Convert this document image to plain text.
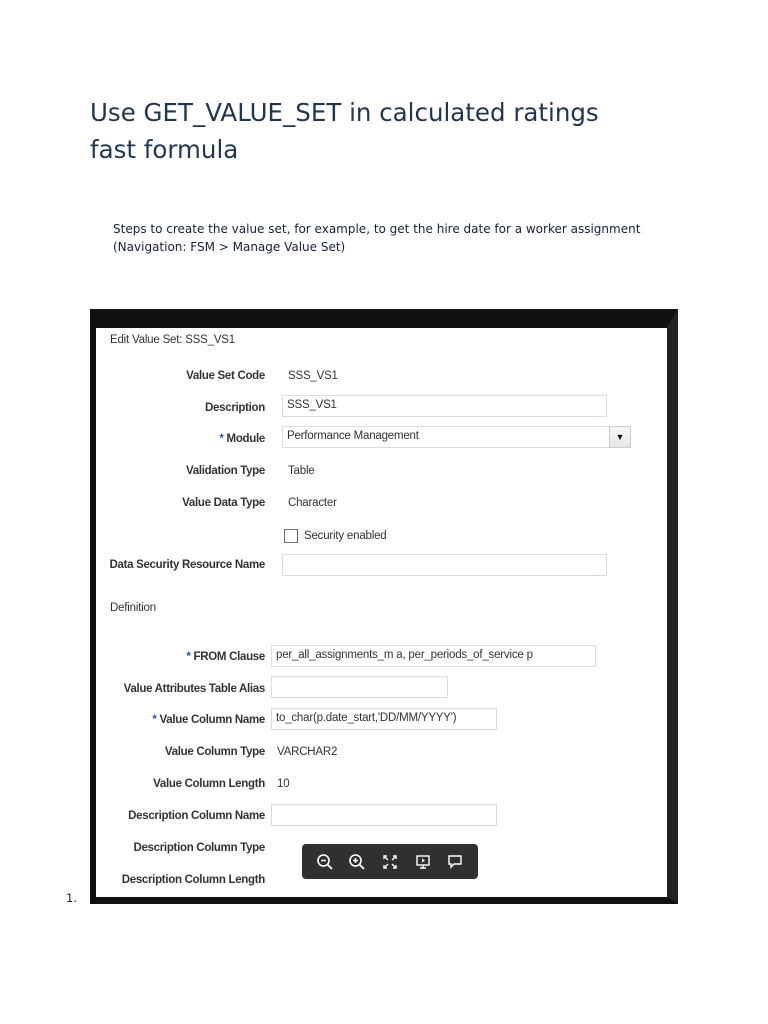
Use GET_VALUE_SET in calculated ratings fast formula
Steps to create the value set, for example, to get the hire date for a worker assignment
(Navigation: FSM > Manage Value Set)
1.
Edit Value Set: SSS_VS1
Value Set Code SSS_VS1
Description	SSS_VS1
* Module	Performance Management	▼
Validation Type Table
Value Data Type Character
Security enabled
Data Security Resource Name
Definition
* FROM Clause per_all_assignments_m a, per_periods_of_service p
Value Attributes Table Alias
* Value Column Name to_char(p.date_start,'DD/MM/YYYY')
Value Column Type VARCHAR2
Value Column Length 10
Description Column Name
Description Column Type
Description Column Length
